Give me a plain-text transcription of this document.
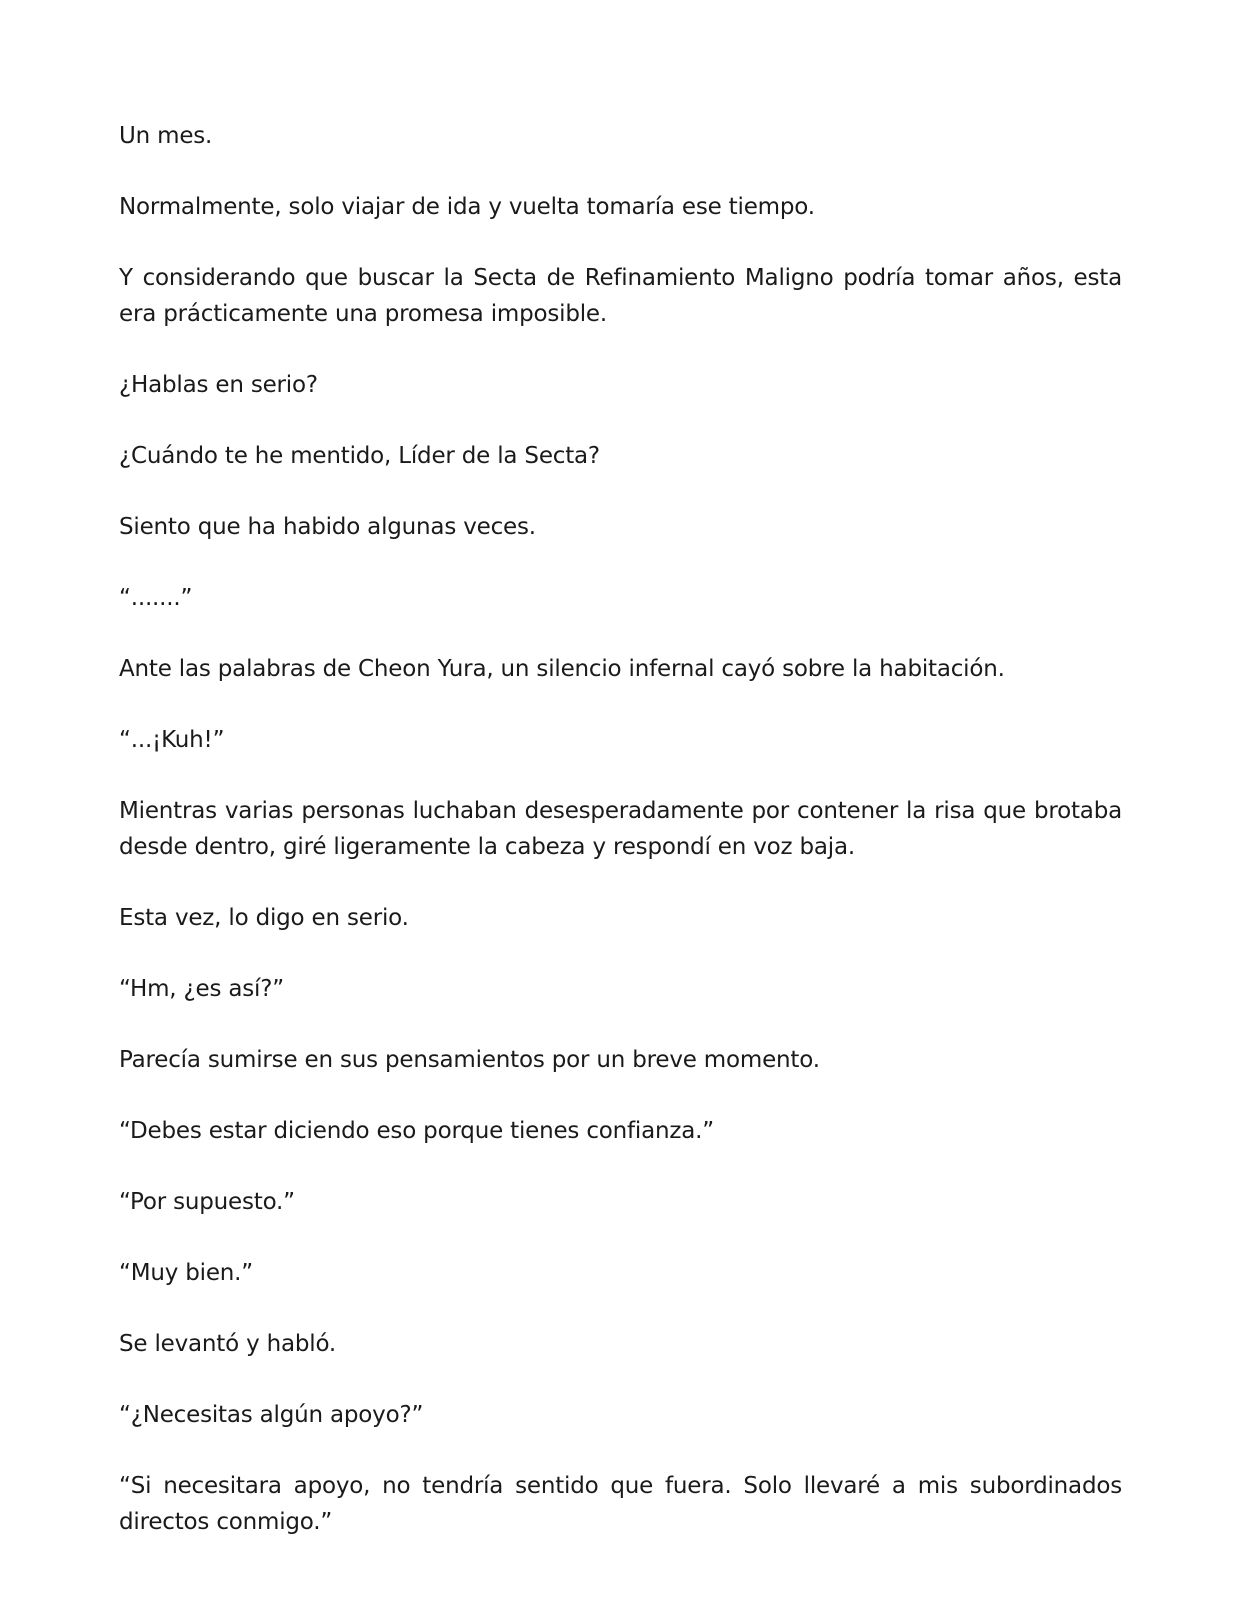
Un mes.

Normalmente, solo viajar de ida y vuelta tomaría ese tiempo.

Y considerando que buscar la Secta de Refinamiento Maligno podría tomar años, esta era prácticamente una promesa imposible.

¿Hablas en serio?

¿Cuándo te he mentido, Líder de la Secta?

Siento que ha habido algunas veces.

“.......”

Ante las palabras de Cheon Yura, un silencio infernal cayó sobre la habitación.

“...¡Kuh!”

Mientras varias personas luchaban desesperadamente por contener la risa que brotaba desde dentro, giré ligeramente la cabeza y respondí en voz baja.

Esta vez, lo digo en serio.

“Hm, ¿es así?”

Parecía sumirse en sus pensamientos por un breve momento.

“Debes estar diciendo eso porque tienes confianza.”

“Por supuesto.”

“Muy bien.”

Se levantó y habló.

“¿Necesitas algún apoyo?”

“Si necesitara apoyo, no tendría sentido que fuera. Solo llevaré a mis subordinados directos conmigo.”
